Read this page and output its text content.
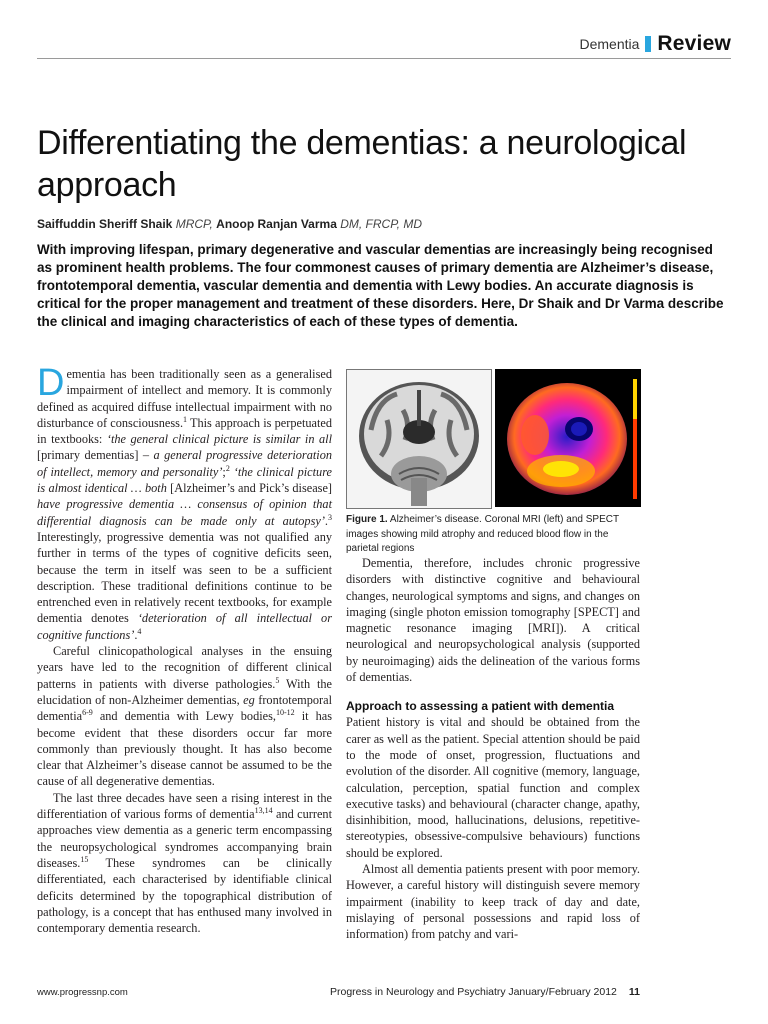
Dementia Review
Differentiating the dementias: a neurological approach
Saiffuddin Sheriff Shaik MRCP, Anoop Ranjan Varma DM, FRCP, MD

With improving lifespan, primary degenerative and vascular dementias are increasingly being recognised as prominent health problems. The four commonest causes of primary dementia are Alzheimer’s disease, frontotemporal dementia, vascular dementia and dementia with Lewy bodies. An accurate diagnosis is critical for the proper management and treatment of these disorders. Here, Dr Shaik and Dr Varma describe the clinical and imaging characteristics of each of these types of dementia.

Dementia has been traditionally seen as a generalised impairment of intellect and memory. It is commonly defined as acquired diffuse intellectual impairment with no disturbance of consciousness.$^1$ This approach is perpetuated in textbooks: ‘the general clinical picture is similar in all [primary dementias] – a general progressive deterioration of intellect, memory and personality’;$^2$ ‘the clinical picture is almost identical … both [Alzheimer’s and Pick’s disease] have progressive dementia … consensus of opinion that differential diagnosis can be made only at autopsy’.$^3$ Interestingly, progressive dementia was not qualified any further in terms of the types of cognitive deficits seen, because the term in itself was seen to be a sufficient description. These traditional definitions continue to be entrenched even in relatively recent textbooks, for example dementia denotes ‘deterioration of all intellectual or cognitive functions’.$^4$

Careful clinicopathological analyses in the ensuing years have led to the recognition of different clinical patterns in patients with diverse pathologies.$^5$ With the elucidation of non-Alzheimer dementias, eg frontotemporal dementia$^{6-9}$ and dementia with Lewy bodies,$^{10-12}$ it has become evident that these disorders occur far more commonly than previously thought. It has also become clear that Alzheimer’s disease cannot be assumed to be the cause of all degenerative dementias.

The last three decades have seen a rising interest in the differentiation of various forms of dementia$^{13,14}$ and current approaches view dementia as a generic term encompassing the neuropsychological syndromes accompanying brain diseases.$^{15}$ These syndromes can be clinically differentiated, each characterised by identifiable clinical deficits determined by the topographical distribution of pathology, is a concept that has enthused many involved in contemporary dementia research.

Figure 1. Alzheimer’s disease. Coronal MRI (left) and SPECT images showing mild atrophy and reduced blood flow in the parietal regions

Dementia, therefore, includes chronic progressive disorders with distinctive cognitive and behavioural changes, neurological symptoms and signs, and changes on imaging (single photon emission tomography [SPECT] and magnetic resonance imaging [MRI]). A critical neurological and neuropsychological analysis (supported by neuroimaging) aids the delineation of the various forms of dementias.

Approach to assessing a patient with dementia

Patient history is vital and should be obtained from the carer as well as the patient. Special attention should be paid to the mode of onset, progression, fluctuations and evolution of the disorder. All cognitive (memory, language, calculation, perception, spatial function and complex executive tasks) and behavioural (character change, apathy, disinhibition, mood, hallucinations, delusions, repetitive-stereotypies, obsessive-compulsive behaviours) functions should be explored.

Almost all dementia patients present with poor memory. However, a careful history will distinguish severe memory impairment (inability to keep track of day and date, mislaying of personal possessions and rapid loss of information) from patchy and vari-

www.progressnp.com	Progress in Neurology and Psychiatry January/February 2012 11
